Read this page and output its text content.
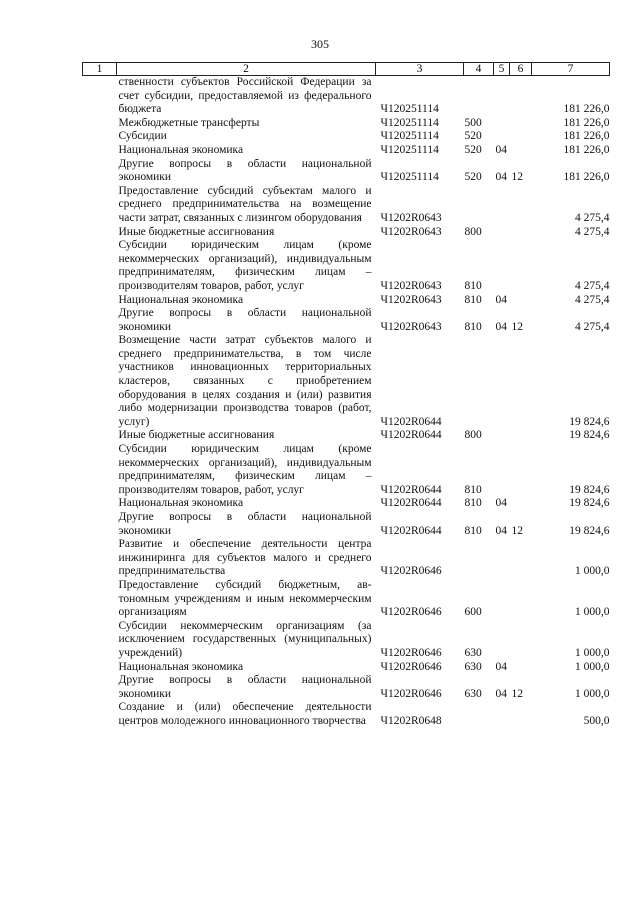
305
1	2	3	4	5	6	7
	ственности субъектов Российской Федерации за счет субсидии, предоставляемой из федерального бюджета	Ч120251114				181 226,0
	Межбюджетные трансферты	Ч120251114	500			181 226,0
	Субсидии	Ч120251114	520			181 226,0
	Национальная экономика	Ч120251114	520	04		181 226,0
	Другие вопросы в области национальной экономики	Ч120251114	520	04	12	181 226,0
	Предоставление субсидий субъектам малого и среднего предпринимательства на возмещение части затрат, связанных с лизингом оборудования	Ч1202R0643				4 275,4
	Иные бюджетные ассигнования	Ч1202R0643	800			4 275,4
	Субсидии юридическим лицам (кроме некоммерческих организаций), индивидуальным предпринимателям, физическим лицам – производителям товаров, работ, услуг	Ч1202R0643	810			4 275,4
	Национальная экономика	Ч1202R0643	810	04		4 275,4
	Другие вопросы в области национальной экономики	Ч1202R0643	810	04	12	4 275,4
	Возмещение части затрат субъектов малого и среднего предпринимательства, в том числе участников инновационных территориальных кластеров, связанных с приобретением оборудования в целях создания и (или) развития либо модернизации производства товаров (работ, услуг)	Ч1202R0644				19 824,6
	Иные бюджетные ассигнования	Ч1202R0644	800			19 824,6
	Субсидии юридическим лицам (кроме некоммерческих организаций), индивидуальным предпринимателям, физическим лицам – производителям товаров, работ, услуг	Ч1202R0644	810			19 824,6
	Национальная экономика	Ч1202R0644	810	04		19 824,6
	Другие вопросы в области национальной экономики	Ч1202R0644	810	04	12	19 824,6
	Развитие и обеспечение деятельности центра инжиниринга для субъектов малого и среднего предпринимательства	Ч1202R0646				1 000,0
	Предоставление субсидий бюджетным, автономным учреждениям и иным некоммерческим организациям	Ч1202R0646	600			1 000,0
	Субсидии некоммерческим организациям (за исключением государственных (муниципальных) учреждений)	Ч1202R0646	630			1 000,0
	Национальная экономика	Ч1202R0646	630	04		1 000,0
	Другие вопросы в области национальной экономики	Ч1202R0646	630	04	12	1 000,0
	Создание и (или) обеспечение деятельности центров молодежного инновационного творчества	Ч1202R0648				500,0
